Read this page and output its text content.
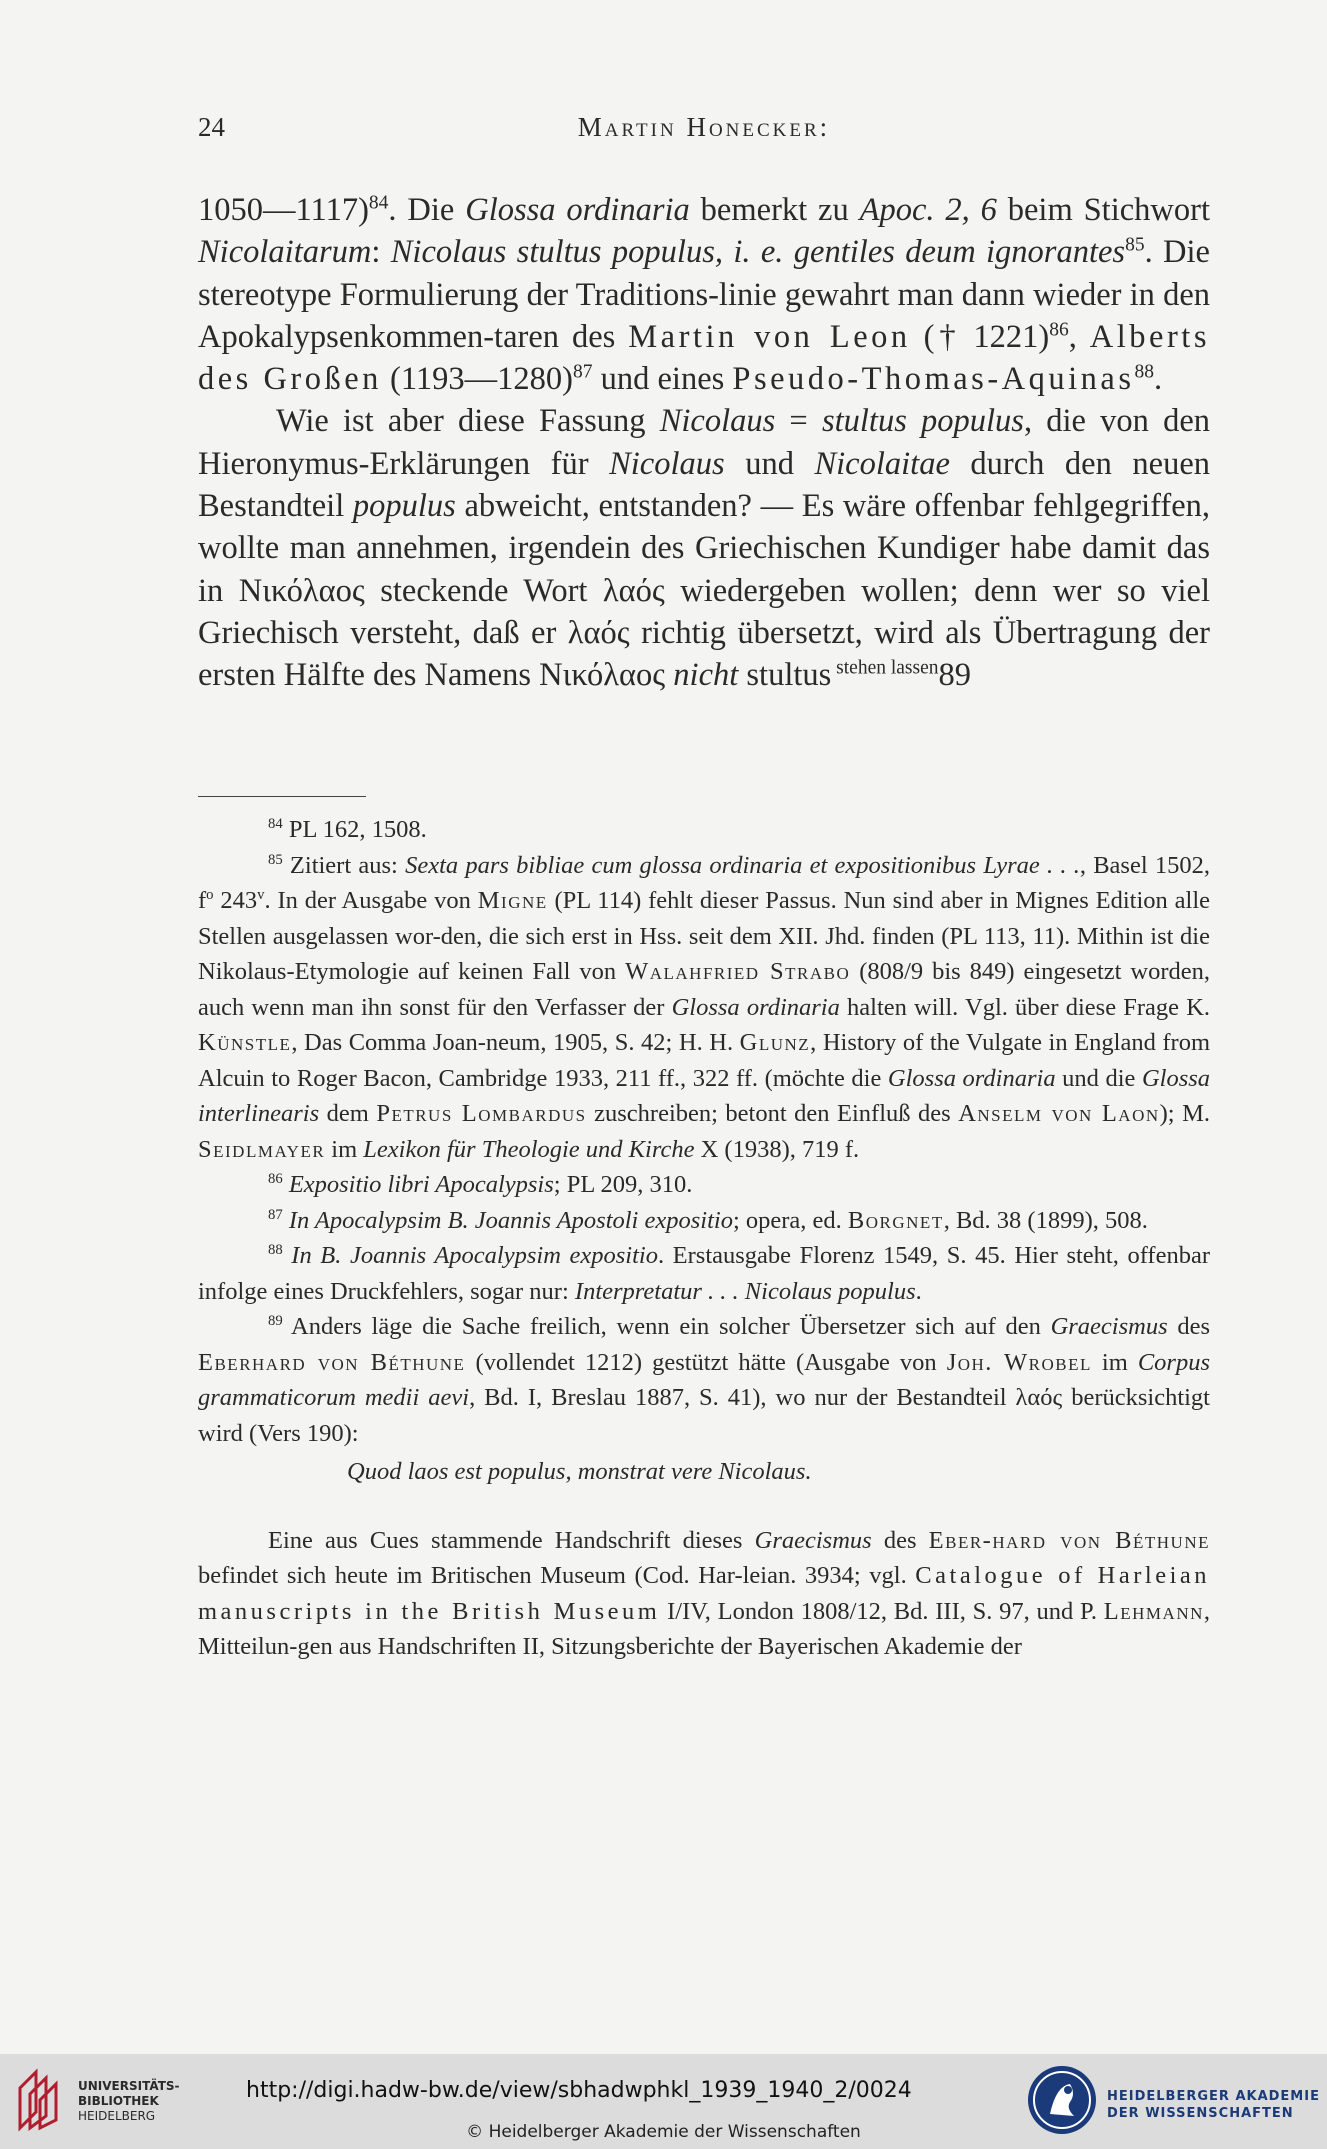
24	Martin Honecker:

1050—1117)$^{84}$. Die Glossa ordinaria bemerkt zu Apoc. 2, 6 beim Stichwort Nicolaitarum: Nicolaus stultus populus, i. e. gentiles deum ignorantes$^{85}$. Die stereotype Formulierung der Traditions-linie gewahrt man dann wieder in den Apokalypsenkommen-taren des Martin von Leon († 1221)$^{86}$, Alberts des Großen (1193—1280)$^{87}$ und eines Pseudo-Thomas-Aquinas$^{88}$.

Wie ist aber diese Fassung Nicolaus = stultus populus, die von den Hieronymus-Erklärungen für Nicolaus und Nicolaitae durch den neuen Bestandteil populus abweicht, entstanden? — Es wäre offenbar fehlgegriffen, wollte man annehmen, irgendein des Griechischen Kundiger habe damit das in Νικόλαος steckende Wort λαός wiedergeben wollen; denn wer so viel Griechisch versteht, daß er λαός richtig übersetzt, wird als Übertragung der ersten Hälfte des Namens Νικόλαος nicht stultus $^{stehen lassen}$89

$^{84}$ PL 162, 1508.

$^{85}$ Zitiert aus: Sexta pars bibliae cum glossa ordinaria et expositionibus Lyrae . . ., Basel 1502, $f^o$ 243$^v$. In der Ausgabe von Migne (PL 114) fehlt dieser Passus. Nun sind aber in Mignes Edition alle Stellen ausgelassen wor-den, die sich erst in Hss. seit dem XII. Jhd. finden (PL 113, 11). Mithin ist die Nikolaus-Etymologie auf keinen Fall von Walahfried Strabo (808/9 bis 849) eingesetzt worden, auch wenn man ihn sonst für den Verfasser der Glossa ordinaria halten will. Vgl. über diese Frage K. Künstle, Das Comma Joan-neum, 1905, S. 42; H. H. Glunz, History of the Vulgate in England from Alcuin to Roger Bacon, Cambridge 1933, 211 ff., 322 ff. (möchte die Glossa ordinaria und die Glossa interlinearis dem Petrus Lombardus zuschreiben; betont den Einfluß des Anselm von Laon); M. Seidlmayer im Lexikon für Theologie und Kirche X (1938), 719 f.

$^{86}$ Expositio libri Apocalypsis; PL 209, 310.

$^{87}$ In Apocalypsim B. Joannis Apostoli expositio; opera, ed. Borgnet, Bd. 38 (1899), 508.

$^{88}$ In B. Joannis Apocalypsim expositio. Erstausgabe Florenz 1549, S. 45. Hier steht, offenbar infolge eines Druckfehlers, sogar nur: Interpretatur . . . Nicolaus populus.

$^{89}$ Anders läge die Sache freilich, wenn ein solcher Übersetzer sich auf den Graecismus des Eberhard von Béthune (vollendet 1212) gestützt hätte (Ausgabe von Joh. Wrobel im Corpus grammaticorum medii aevi, Bd. I, Breslau 1887, S. 41), wo nur der Bestandteil λαός berücksichtigt wird (Vers 190):

Quod laos est populus, monstrat vere Nicolaus.

Eine aus Cues stammende Handschrift dieses Graecismus des Eber-hard von Béthune befindet sich heute im Britischen Museum (Cod. Har-leian. 3934; vgl. Catalogue of Harleian manuscripts in the British Museum I/IV, London 1808/12, Bd. III, S. 97, und P. Lehmann, Mitteilun-gen aus Handschriften II, Sitzungsberichte der Bayerischen Akademie der

UNIVERSITÄTS-
BIBLIOTHEK
HEIDELBERG
http://digi.hadw-bw.de/view/sbhadwphkl_1939_1940_2/0024
© Heidelberger Akademie der Wissenschaften
HEIDELBERGER AKADEMIE
DER WISSENSCHAFTEN
